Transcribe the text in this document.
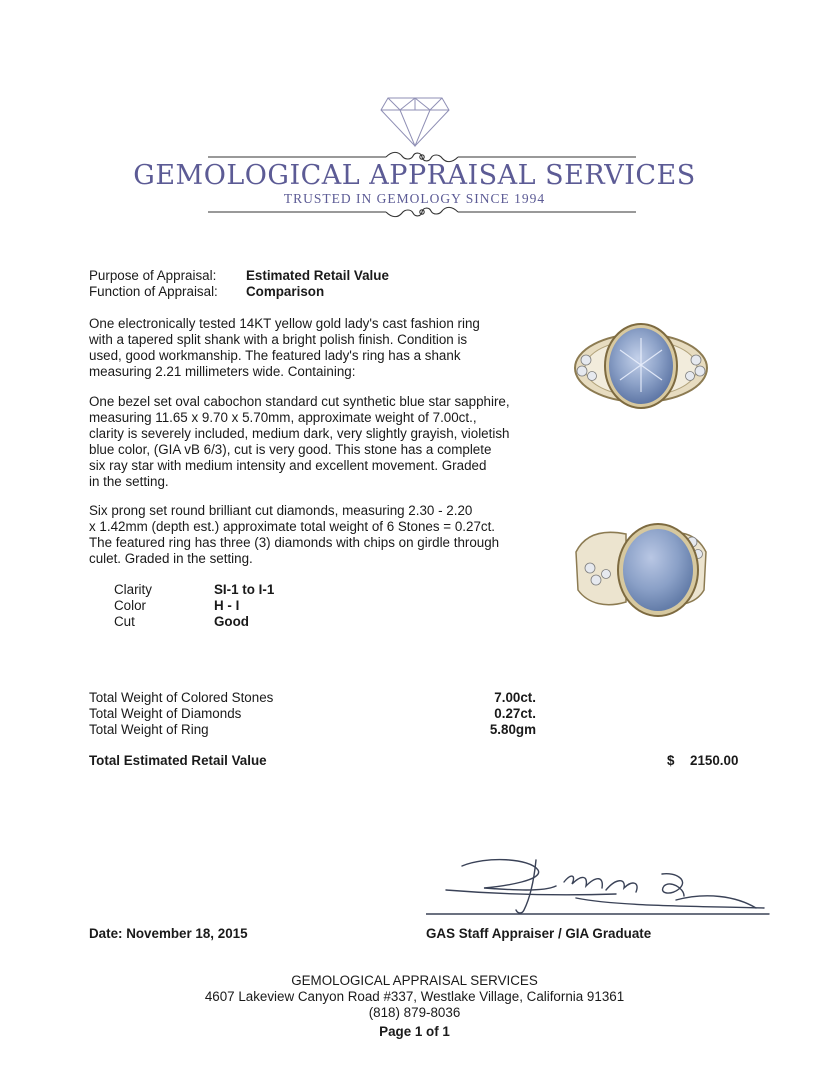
GEMOLOGICAL APPRAISAL SERVICES
TRUSTED IN GEMOLOGY SINCE 1994
Purpose of Appraisal:	Estimated Retail Value
Function of Appraisal:	Comparison
One electronically tested 14KT yellow gold lady's cast fashion ring
with a tapered split shank with a bright polish finish. Condition is
used, good workmanship. The featured lady's ring has a shank
measuring 2.21 millimeters wide. Containing:
One bezel set oval cabochon standard cut synthetic blue star sapphire,
measuring 11.65 x 9.70 x 5.70mm, approximate weight of 7.00ct.,
clarity is severely included, medium dark, very slightly grayish, violetish
blue color, (GIA vB 6/3), cut is very good. This stone has a complete
six ray star with medium intensity and excellent movement. Graded
in the setting.
Six prong set round brilliant cut diamonds, measuring 2.30 - 2.20
x 1.42mm (depth est.) approximate total weight of 6 Stones = 0.27ct.
The featured ring has three (3) diamonds with chips on girdle through
culet. Graded in the setting.
Clarity	SI-1 to I-1
Color	H - I
Cut	Good
Total Weight of Colored Stones	7.00ct.
Total Weight of Diamonds	0.27ct.
Total Weight of Ring	5.80gm
Total Estimated Retail Value	$ 2150.00
Date: November 18, 2015	GAS Staff Appraiser / GIA Graduate
GEMOLOGICAL APPRAISAL SERVICES
4607 Lakeview Canyon Road #337, Westlake Village, California 91361
(818) 879-8036
Page 1 of 1
